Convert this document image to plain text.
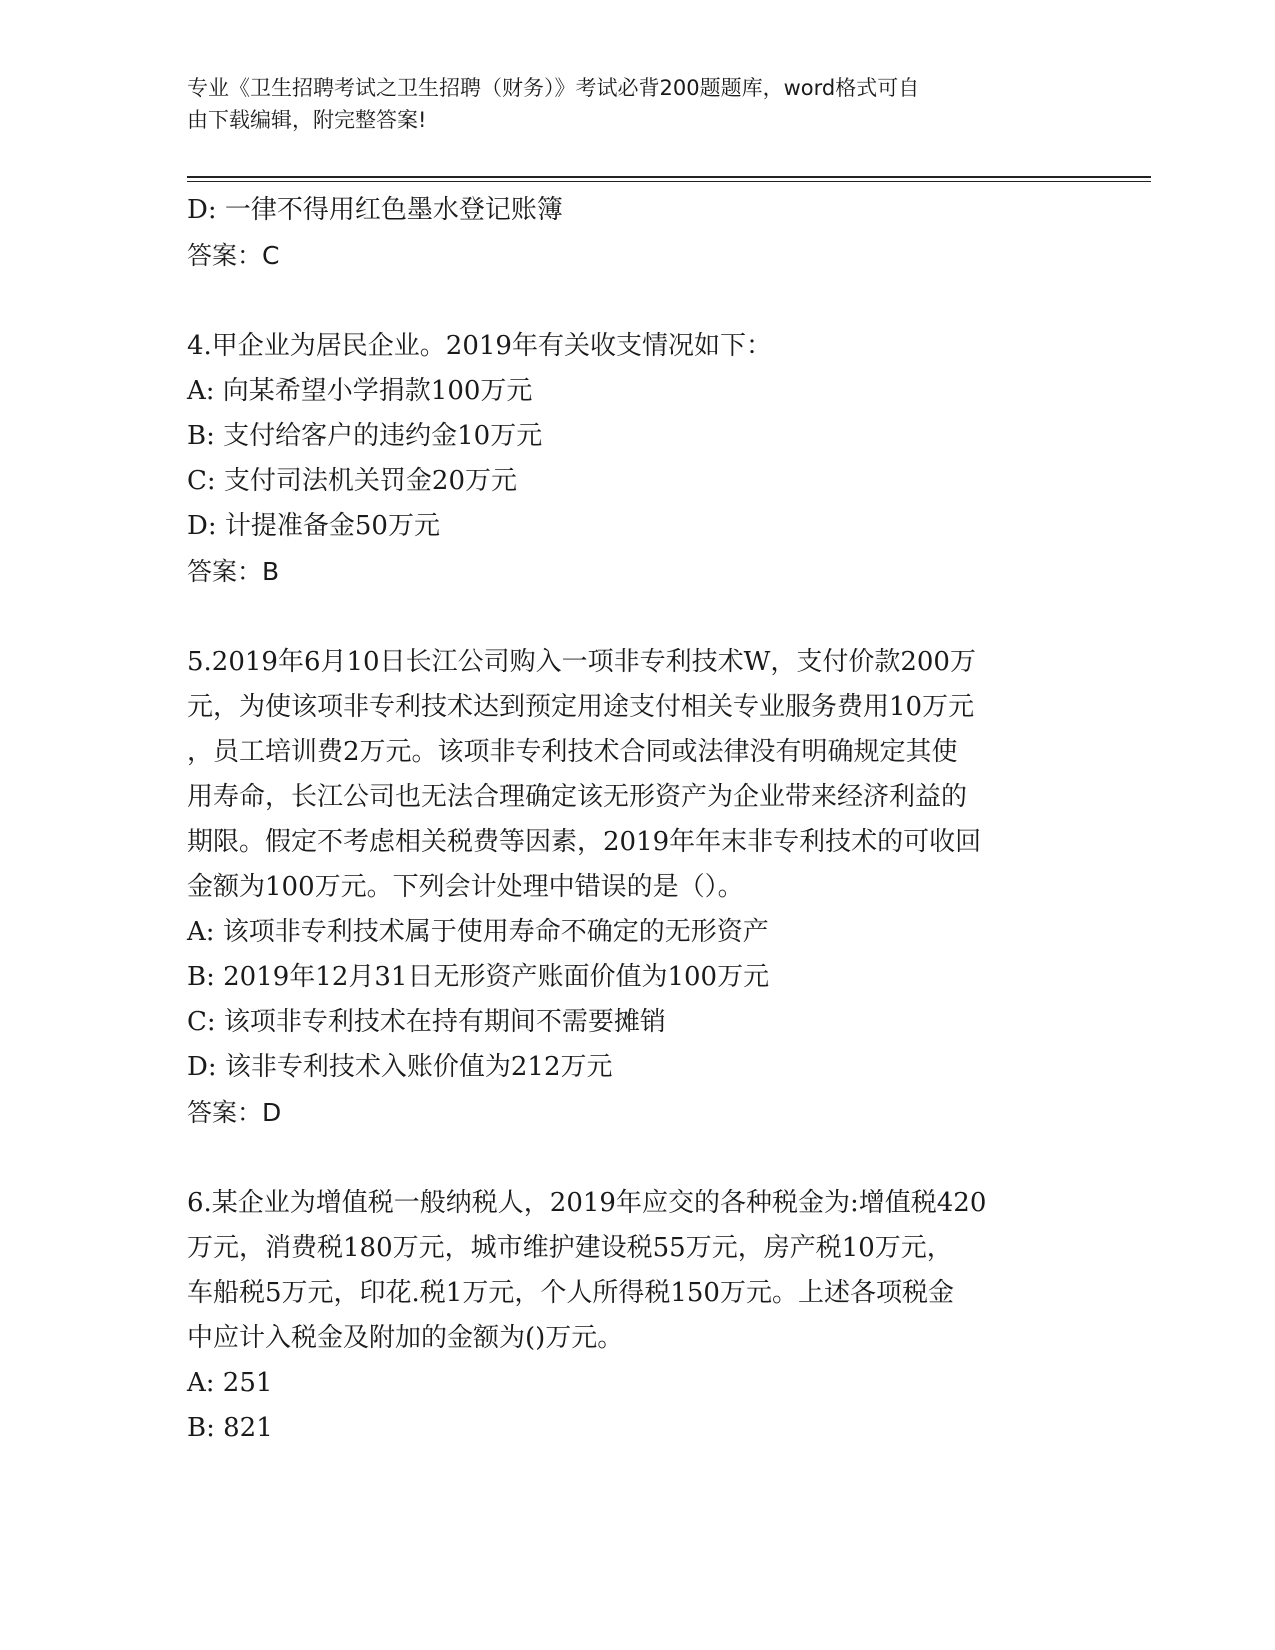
专业《卫生招聘考试之卫生招聘（财务）》考试必背200题题库，word格式可自
由下载编辑，附完整答案!
D: 一律不得用红色墨水登记账簿
答案：C
4.甲企业为居民企业。2019年有关收支情况如下：
A: 向某希望小学捐款100万元
B: 支付给客户的违约金10万元
C: 支付司法机关罚金20万元
D: 计提准备金50万元
答案：B
5.2019年6月10日长江公司购入一项非专利技术W，支付价款200万
元，为使该项非专利技术达到预定用途支付相关专业服务费用10万元
，员工培训费2万元。该项非专利技术合同或法律没有明确规定其使
用寿命，长江公司也无法合理确定该无形资产为企业带来经济利益的
期限。假定不考虑相关税费等因素，2019年年末非专利技术的可收回
金额为100万元。下列会计处理中错误的是（）。
A: 该项非专利技术属于使用寿命不确定的无形资产
B: 2019年12月31日无形资产账面价值为100万元
C: 该项非专利技术在持有期间不需要摊销
D: 该非专利技术入账价值为212万元
答案：D
6.某企业为增值税一般纳税人，2019年应交的各种税金为:增值税420
万元，消费税180万元，城市维护建设税55万元，房产税10万元，
车船税5万元，印花.税1万元，个人所得税150万元。上述各项税金
中应计入税金及附加的金额为()万元。
A: 251
B: 821
